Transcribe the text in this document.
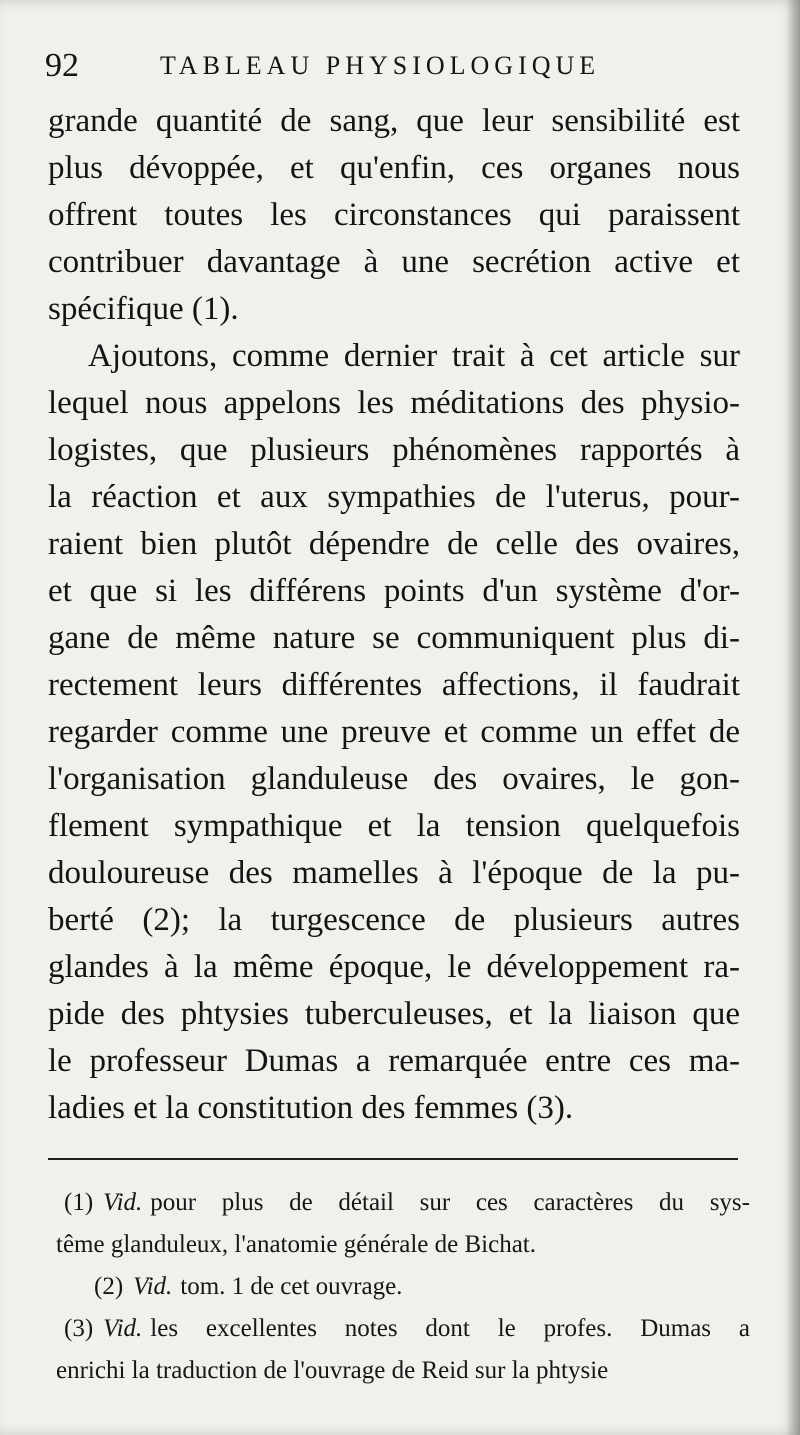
92	TABLEAU PHYSIOLOGIQUE
grande quantité de sang, que leur sensibilité est
plus dévoppée, et qu'enfin, ces organes nous
offrent toutes les circonstances qui paraissent
contribuer davantage à une secrétion active et
spécifique (1).
Ajoutons, comme dernier trait à cet article sur
lequel nous appelons les méditations des physio-
logistes, que plusieurs phénomènes rapportés à
la réaction et aux sympathies de l'uterus, pour-
raient bien plutôt dépendre de celle des ovaires,
et que si les différens points d'un système d'or-
gane de même nature se communiquent plus di-
rectement leurs différentes affections, il faudrait
regarder comme une preuve et comme un effet de
l'organisation glanduleuse des ovaires, le gon-
flement sympathique et la tension quelquefois
douloureuse des mamelles à l'époque de la pu-
berté (2); la turgescence de plusieurs autres
glandes à la même époque, le développement ra-
pide des phtysies tuberculeuses, et la liaison que
le professeur Dumas a remarquée entre ces ma-
ladies et la constitution des femmes (3).
(1) Vid. pour plus de détail sur ces caractères du sys-
tême glanduleux, l'anatomie générale de Bichat.
(2) Vid. tom. 1 de cet ouvrage.
(3) Vid. les excellentes notes dont le profes. Dumas a
enrichi la traduction de l'ouvrage de Reid sur la phtysie
